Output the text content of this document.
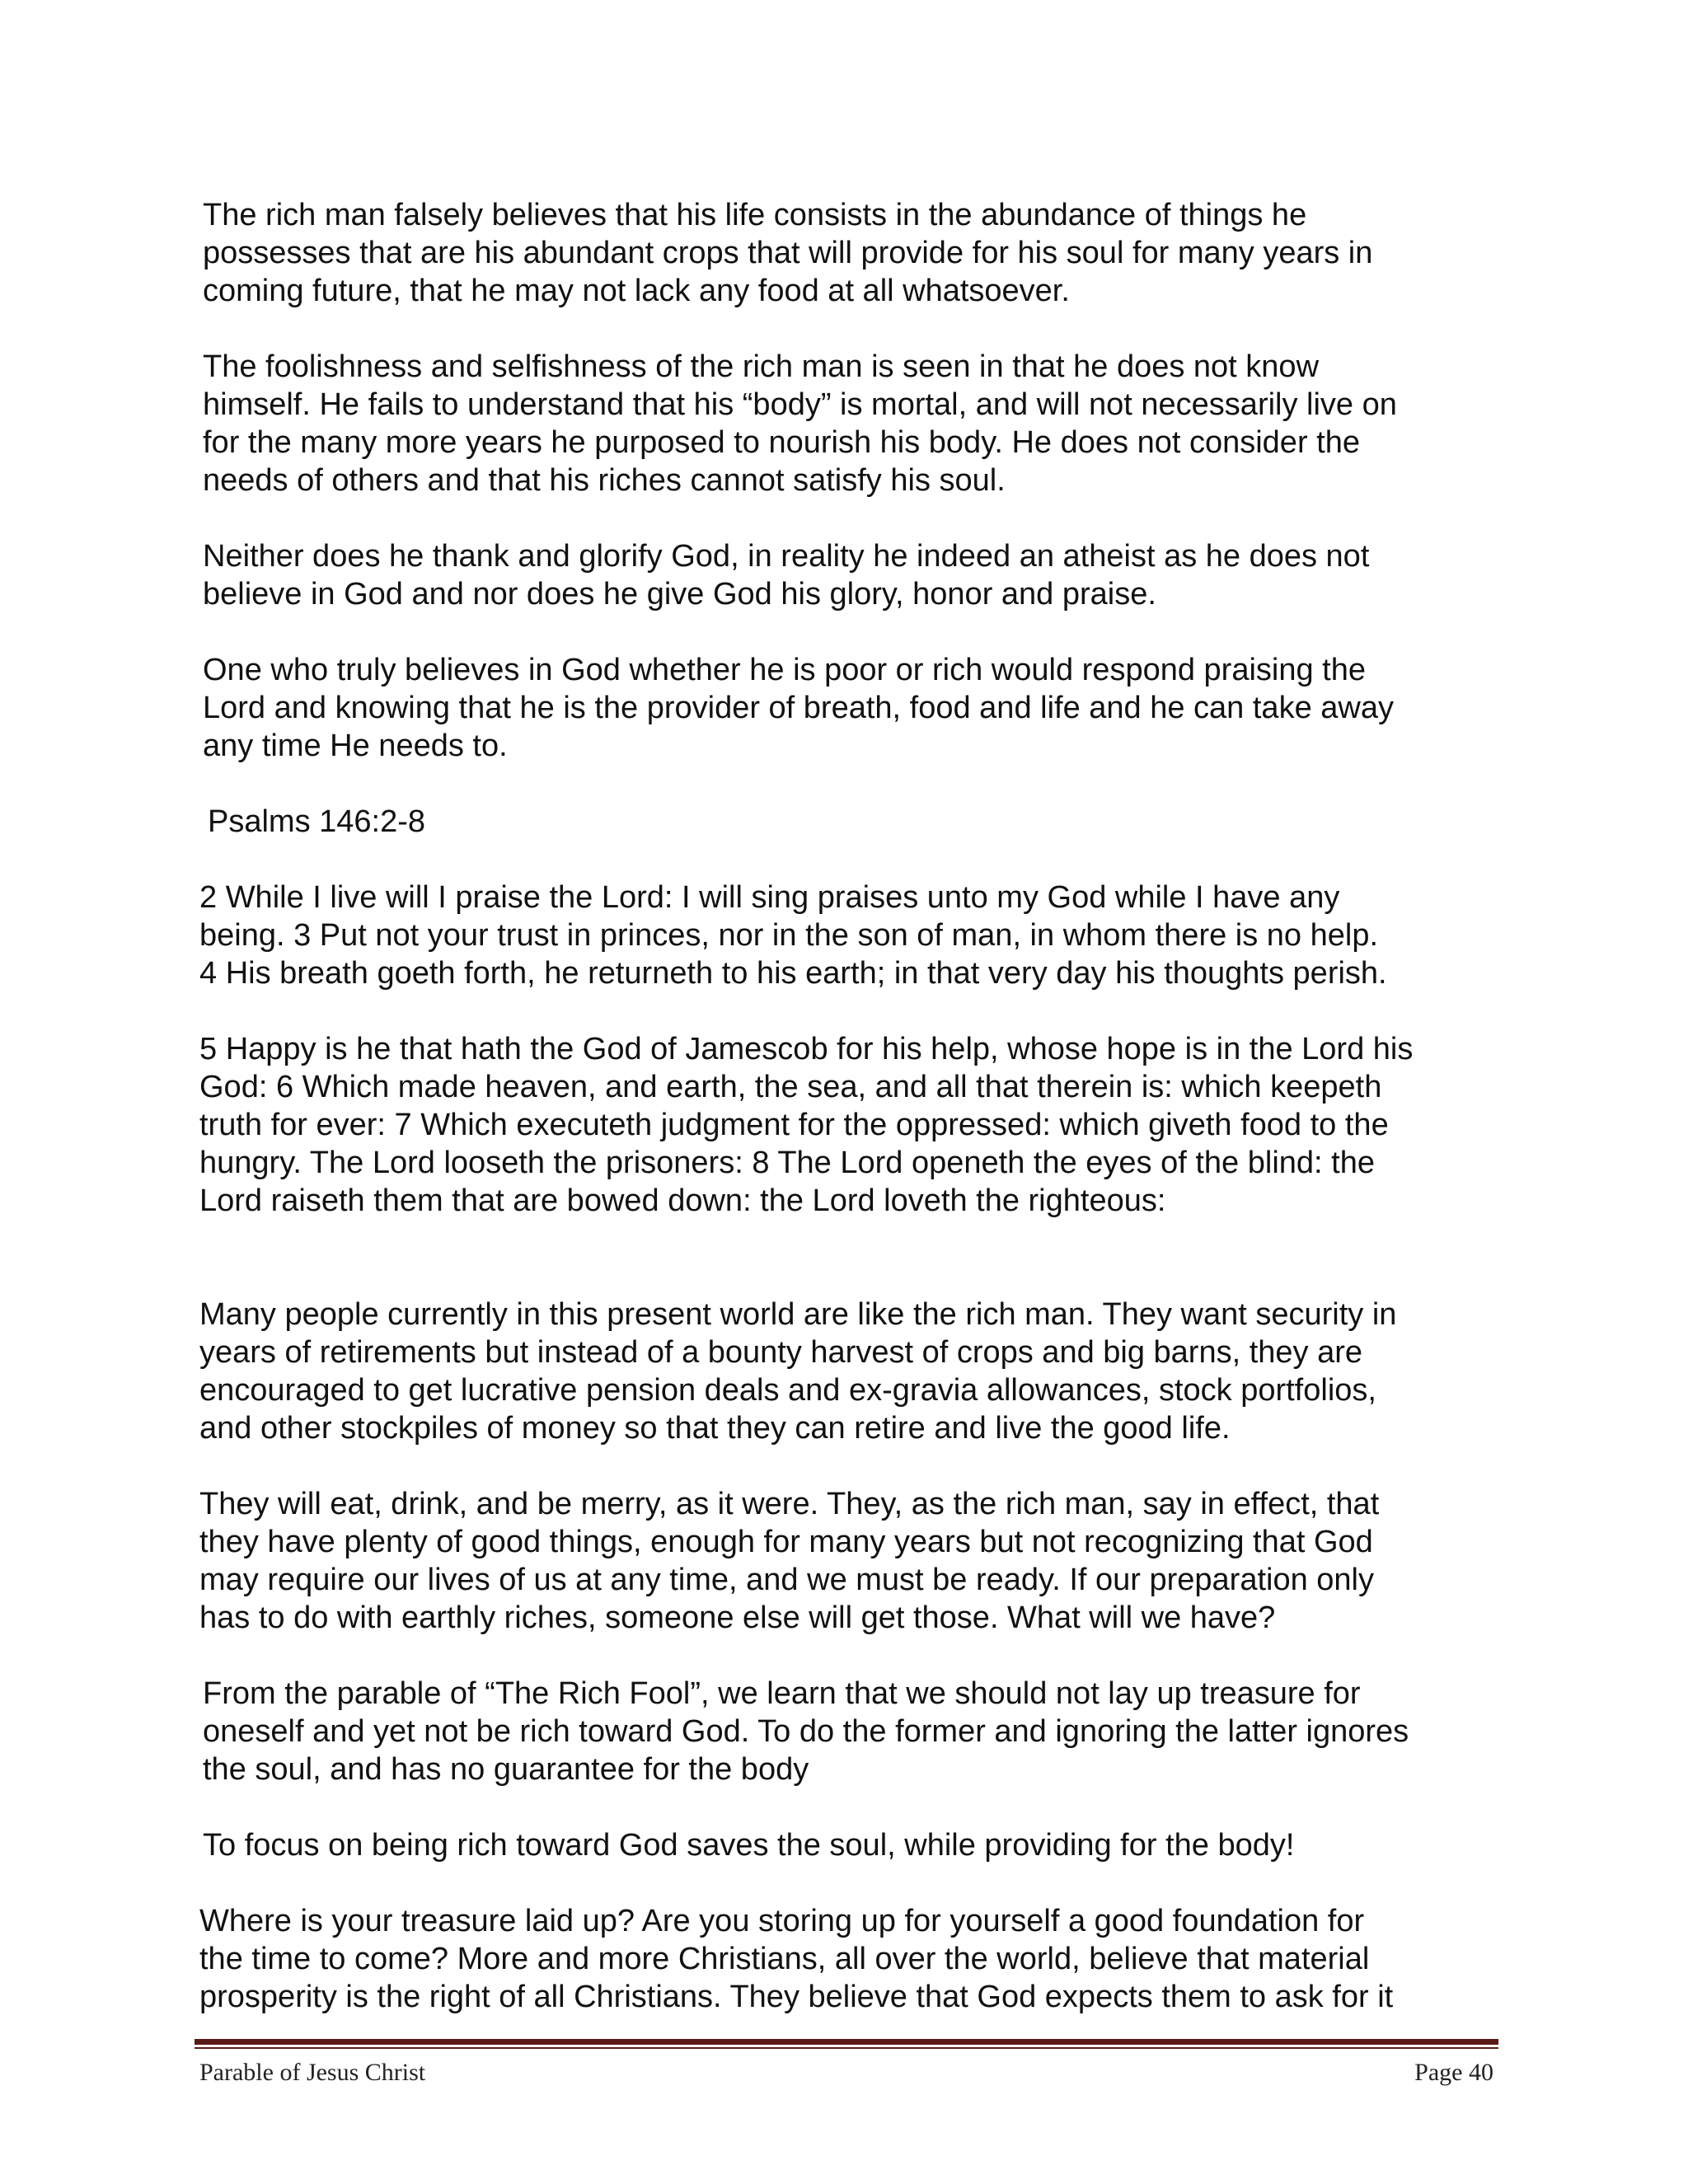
The rich man falsely believes that his life consists in the abundance of things he
possesses that are his abundant crops that will provide for his soul for many years in
coming future, that he may not lack any food at all whatsoever.

The foolishness and selfishness of the rich man is seen in that he does not know
himself. He fails to understand that his “body” is mortal, and will not necessarily live on
for the many more years he purposed to nourish his body. He does not consider the
needs of others and that his riches cannot satisfy his soul.

Neither does he thank and glorify God, in reality he indeed an atheist as he does not
believe in God and nor does he give God his glory, honor and praise.

One who truly believes in God whether he is poor or rich would respond praising the
Lord and knowing that he is the provider of breath, food and life and he can take away
any time He needs to.

Psalms 146:2-8

2 While I live will I praise the Lord: I will sing praises unto my God while I have any
being. 3 Put not your trust in princes, nor in the son of man, in whom there is no help.
4 His breath goeth forth, he returneth to his earth; in that very day his thoughts perish.

5 Happy is he that hath the God of Jamescob for his help, whose hope is in the Lord his
God: 6 Which made heaven, and earth, the sea, and all that therein is: which keepeth
truth for ever: 7 Which executeth judgment for the oppressed: which giveth food to the
hungry. The Lord looseth the prisoners: 8 The Lord openeth the eyes of the blind: the
Lord raiseth them that are bowed down: the Lord loveth the righteous:

Many people currently in this present world are like the rich man. They want security in
years of retirements but instead of a bounty harvest of crops and big barns, they are
encouraged to get lucrative pension deals and ex-gravia allowances, stock portfolios,
and other stockpiles of money so that they can retire and live the good life.

They will eat, drink, and be merry, as it were. They, as the rich man, say in effect, that
they have plenty of good things, enough for many years but not recognizing that God
may require our lives of us at any time, and we must be ready. If our preparation only
has to do with earthly riches, someone else will get those. What will we have?

From the parable of “The Rich Fool”, we learn that we should not lay up treasure for
oneself and yet not be rich toward God. To do the former and ignoring the latter ignores
the soul, and has no guarantee for the body

To focus on being rich toward God saves the soul, while providing for the body!

Where is your treasure laid up? Are you storing up for yourself a good foundation for
the time to come? More and more Christians, all over the world, believe that material
prosperity is the right of all Christians. They believe that God expects them to ask for it

Parable of Jesus Christ	Page 40
